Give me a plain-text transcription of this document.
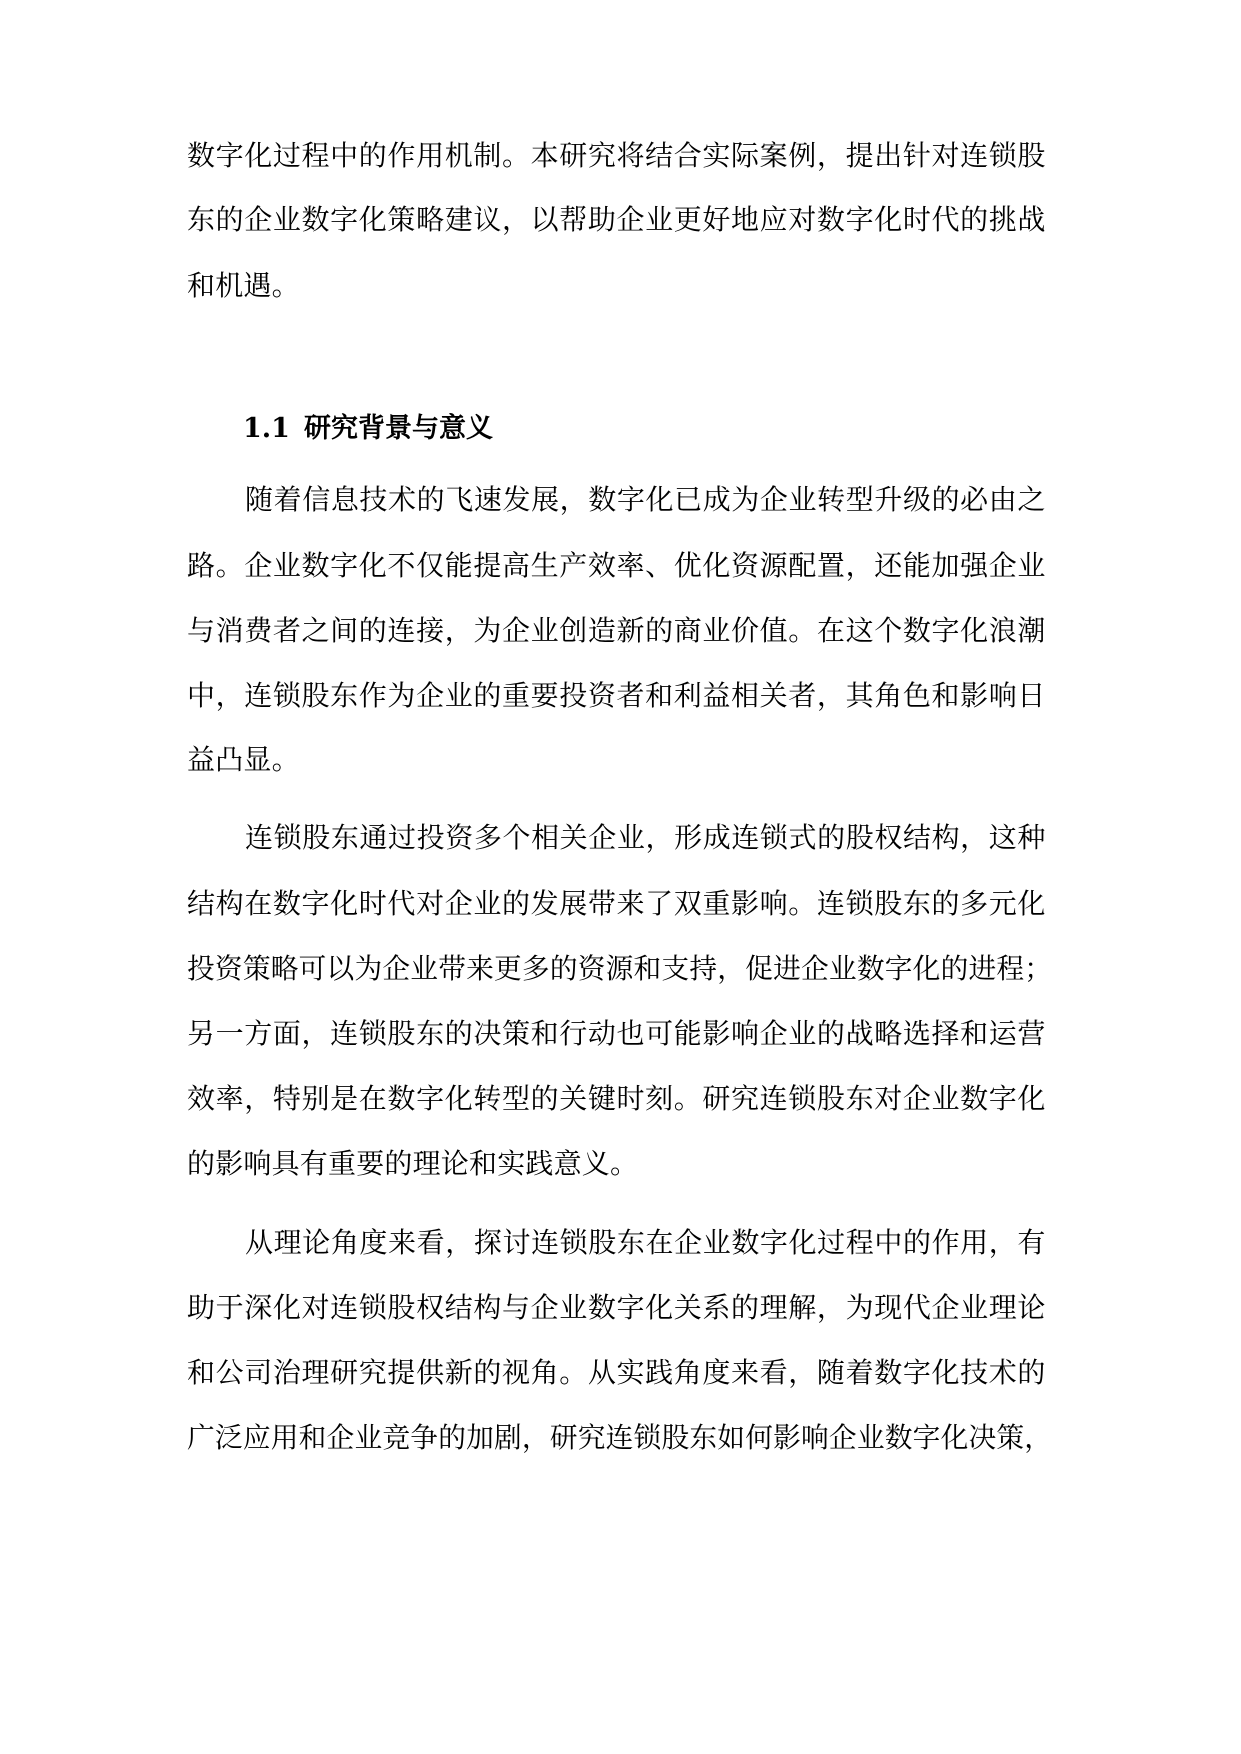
数字化过程中的作用机制。本研究将结合实际案例，提出针对连锁股
东的企业数字化策略建议，以帮助企业更好地应对数字化时代的挑战
和机遇。
1.1 研究背景与意义
随着信息技术的飞速发展，数字化已成为企业转型升级的必由之
路。企业数字化不仅能提高生产效率、优化资源配置，还能加强企业
与消费者之间的连接，为企业创造新的商业价值。在这个数字化浪潮
中，连锁股东作为企业的重要投资者和利益相关者，其角色和影响日
益凸显。
连锁股东通过投资多个相关企业，形成连锁式的股权结构，这种
结构在数字化时代对企业的发展带来了双重影响。连锁股东的多元化
投资策略可以为企业带来更多的资源和支持，促进企业数字化的进程；
另一方面，连锁股东的决策和行动也可能影响企业的战略选择和运营
效率，特别是在数字化转型的关键时刻。研究连锁股东对企业数字化
的影响具有重要的理论和实践意义。
从理论角度来看，探讨连锁股东在企业数字化过程中的作用，有
助于深化对连锁股权结构与企业数字化关系的理解，为现代企业理论
和公司治理研究提供新的视角。从实践角度来看，随着数字化技术的
广泛应用和企业竞争的加剧，研究连锁股东如何影响企业数字化决策，
